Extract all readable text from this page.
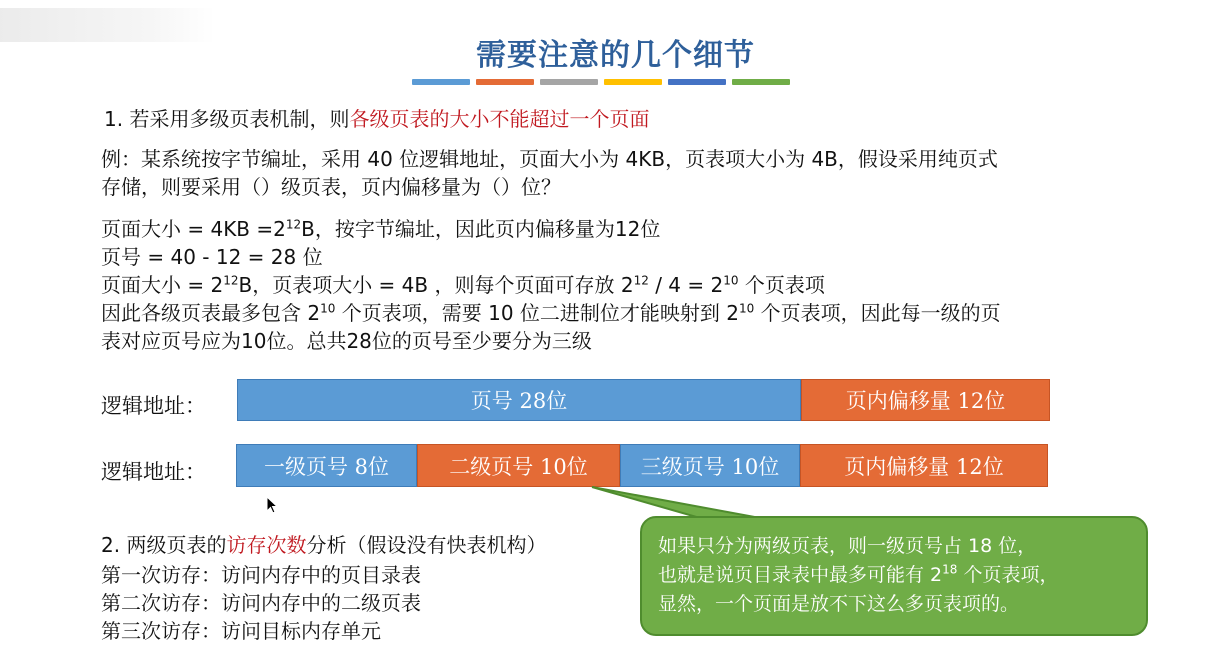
需要注意的几个细节
1. 若采用多级页表机制，则各级页表的大小不能超过一个页面
例：某系统按字节编址，采用 40 位逻辑地址，页面大小为 4KB，页表项大小为 4B，假设采用纯页式
存储，则要采用（）级页表，页内偏移量为（）位？
页面大小 = $4KB =2^{12}B$，按字节编址，因此页内偏移量为12位
页号 = 40 - 12 = 28 位
页面大小 = $2^{12}B$，页表项大小 = 4B ，则每个页面可存放 $2^{12} / 4 = 2^{10}$ 个页表项
因此各级页表最多包含 $2^{10}$ 个页表项，需要 10 位二进制位才能映射到 $2^{10}$ 个页表项，因此每一级的页
表对应页号应为10位。总共28位的页号至少要分为三级
逻辑地址：	页号 28位	页内偏移量 12位
逻辑地址：	一级页号 8位	二级页号 10位	三级页号 10位	页内偏移量 12位
2. 两级页表的访存次数分析（假设没有快表机构）
第一次访存：访问内存中的页目录表
第二次访存：访问内存中的二级页表
第三次访存：访问目标内存单元
如果只分为两级页表，则一级页号占 18 位，
也就是说页目录表中最多可能有 $2^{18}$ 个页表项，
显然，一个页面是放不下这么多页表项的。
